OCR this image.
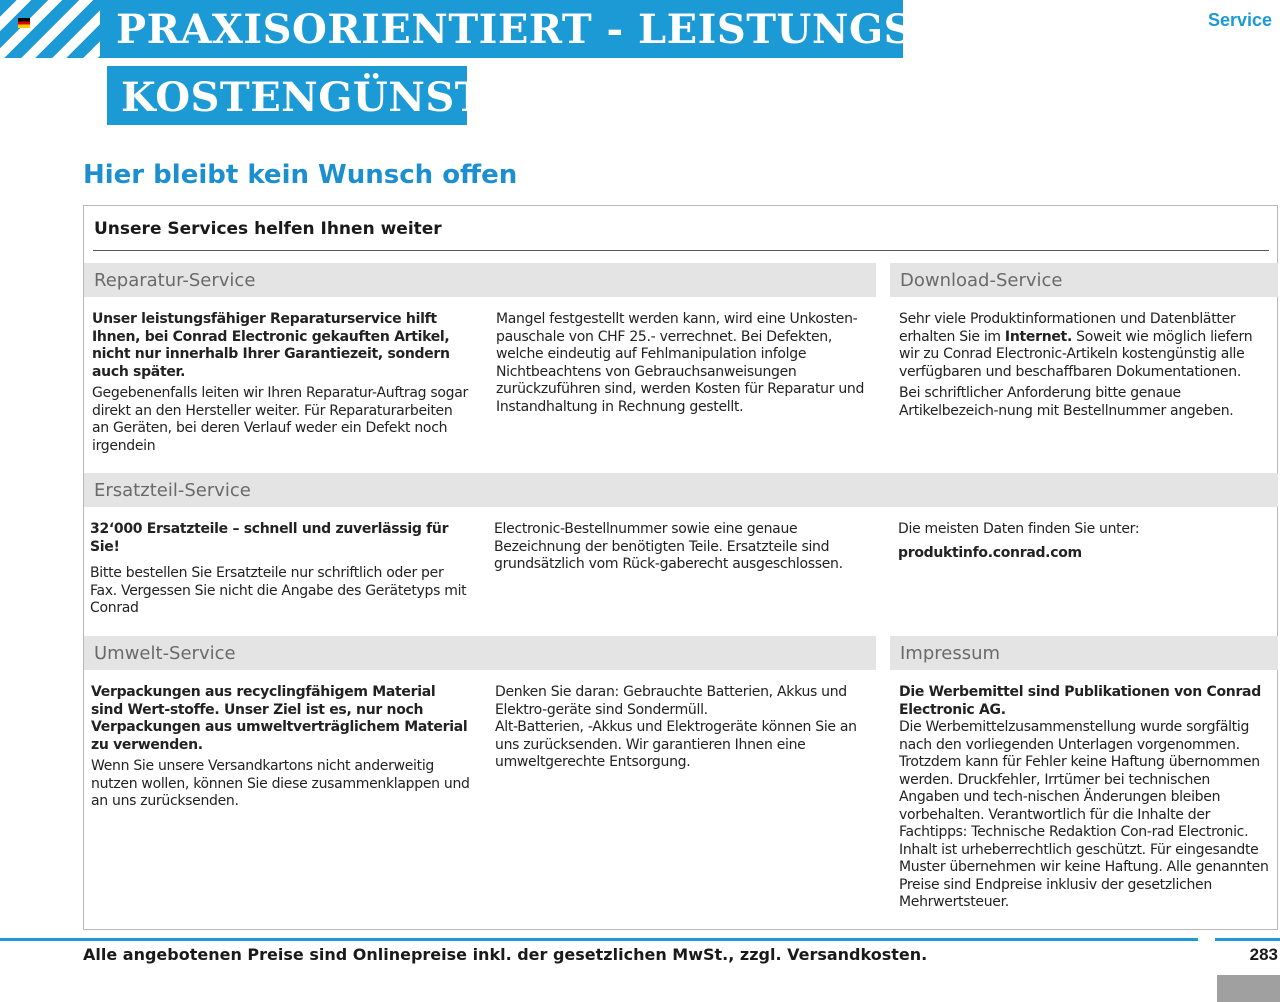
PRAXISORIENTIERT - LEISTUNGSSTARK -
KOSTENGÜNSTIG
Service
Hier bleibt kein Wunsch offen
Unsere Services helfen Ihnen weiter
Reparatur-Service
Unser leistungsfähiger Reparaturservice hilft Ihnen, bei Conrad Electronic gekauften Artikel, nicht nur innerhalb Ihrer Garantiezeit, sondern auch später.
Gegebenenfalls leiten wir Ihren Reparatur-Auftrag sogar direkt an den Hersteller weiter. Für Reparaturarbeiten an Geräten, bei deren Verlauf weder ein Defekt noch irgendein
Mangel festgestellt werden kann, wird eine Unkosten-pauschale von CHF 25.- verrechnet. Bei Defekten, welche eindeutig auf Fehlmanipulation infolge Nichtbeachtens von Gebrauchsanweisungen zurückzuführen sind, werden Kosten für Reparatur und Instandhaltung in Rechnung gestellt.
Download-Service
Sehr viele Produktinformationen und Datenblätter erhalten Sie im Internet. Soweit wie möglich liefern wir zu Conrad Electronic-Artikeln kostengünstig alle verfügbaren und beschaffbaren Dokumentationen.
Bei schriftlicher Anforderung bitte genaue Artikelbezeich-nung mit Bestellnummer angeben.
Ersatzteil-Service
32‘000 Ersatzteile – schnell und zuverlässig für Sie!
Bitte bestellen Sie Ersatzteile nur schriftlich oder per Fax. Vergessen Sie nicht die Angabe des Gerätetyps mit Conrad
Electronic-Bestellnummer sowie eine genaue Bezeichnung der benötigten Teile. Ersatzteile sind grundsätzlich vom Rück-gaberecht ausgeschlossen.
Die meisten Daten finden Sie unter:
produktinfo.conrad.com
Umwelt-Service
Verpackungen aus recyclingfähigem Material sind Wert-stoffe. Unser Ziel ist es, nur noch Verpackungen aus umweltverträglichem Material zu verwenden.
Wenn Sie unsere Versandkartons nicht anderweitig nutzen wollen, können Sie diese zusammenklappen und an uns zurücksenden.
Denken Sie daran: Gebrauchte Batterien, Akkus und Elektro-geräte sind Sondermüll.
Alt-Batterien, -Akkus und Elektrogeräte können Sie an uns zurücksenden. Wir garantieren Ihnen eine umweltgerechte Entsorgung.
Impressum
Die Werbemittel sind Publikationen von Conrad Electronic AG.
Die Werbemittelzusammenstellung wurde sorgfältig nach den vorliegenden Unterlagen vorgenommen. Trotzdem kann für Fehler keine Haftung übernommen werden. Druckfehler, Irrtümer bei technischen Angaben und tech-nischen Änderungen bleiben vorbehalten. Verantwortlich für die Inhalte der Fachtipps: Technische Redaktion Con-rad Electronic. Inhalt ist urheberrechtlich geschützt. Für eingesandte Muster übernehmen wir keine Haftung. Alle genannten Preise sind Endpreise inklusiv der gesetzlichen Mehrwertsteuer.
Alle angebotenen Preise sind Onlinepreise inkl. der gesetzlichen MwSt., zzgl. Versandkosten.	283
